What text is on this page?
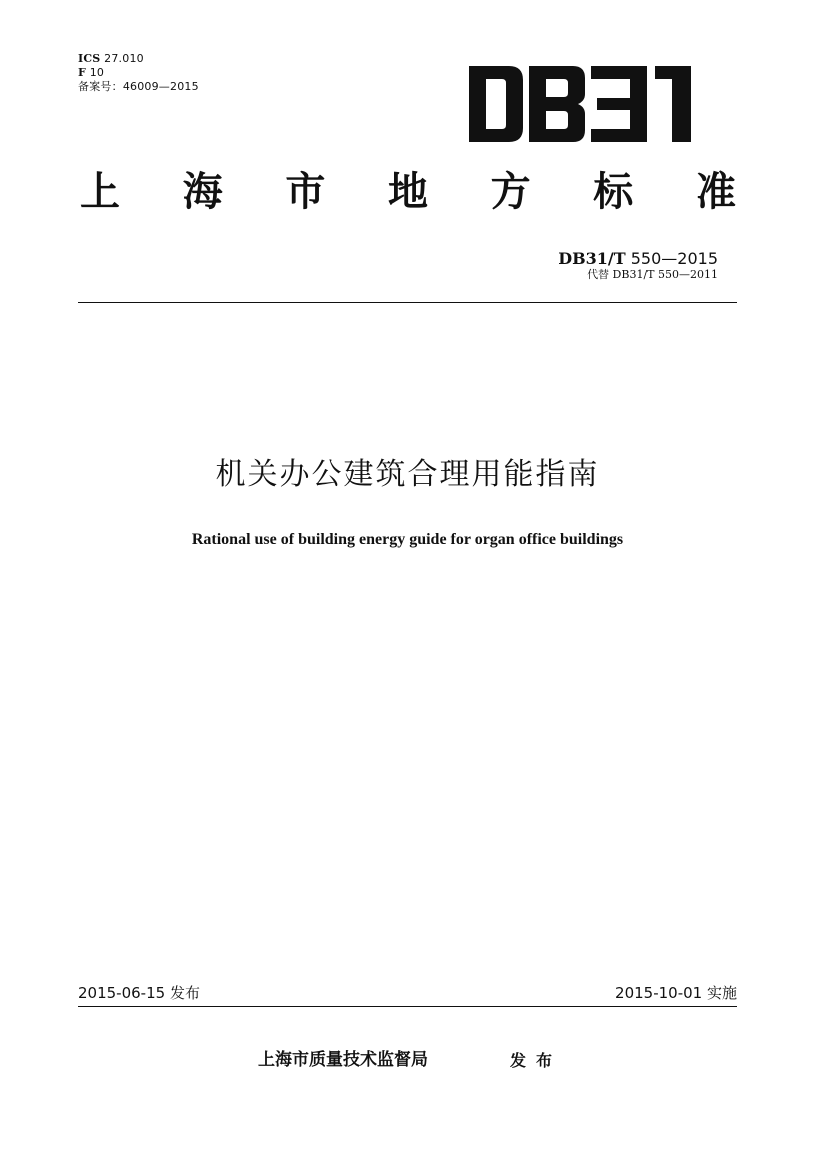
ICS 27.010
F 10
备案号：46009—2015
上 海 市 地 方 标 准
DB31/T 550—2015
代替 DB31/T 550—2011
机关办公建筑合理用能指南
Rational use of building energy guide for organ office buildings
2015-06-15 发布	2015-10-01 实施
上海市质量技术监督局	发布
